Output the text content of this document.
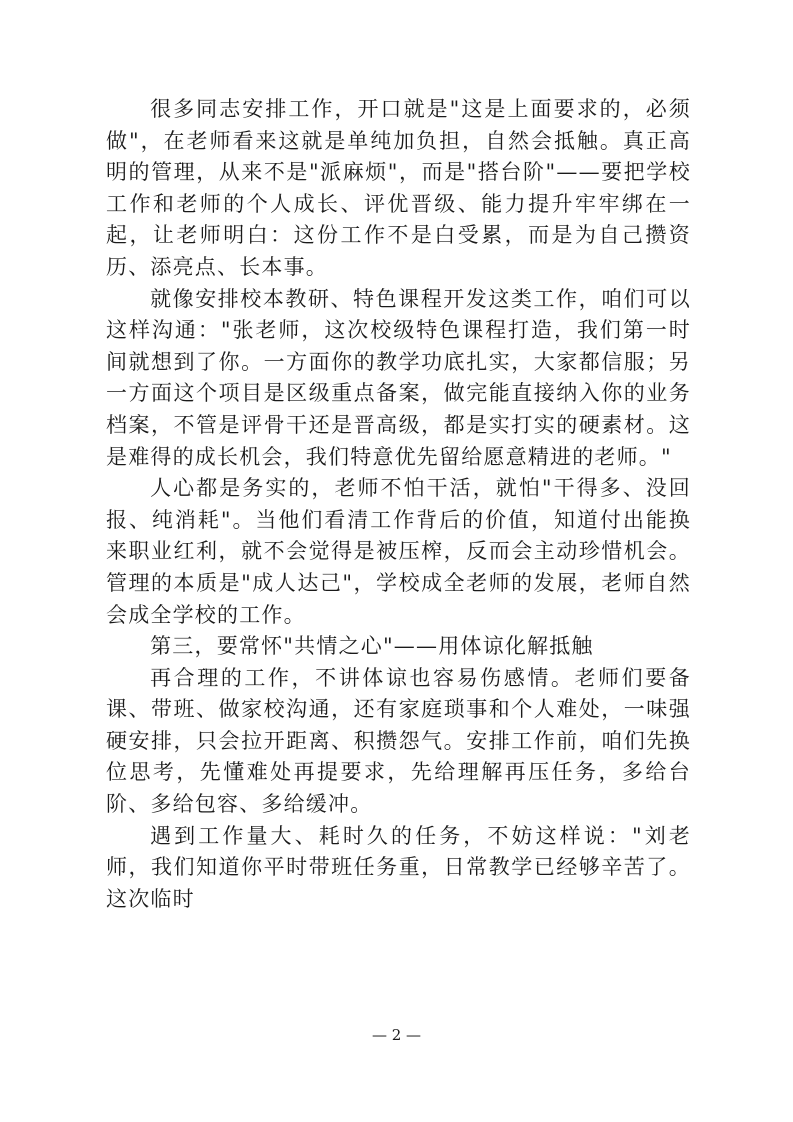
很多同志安排工作，开口就是"这是上面要求的，必须做"，在老师看来这就是单纯加负担，自然会抵触。真正高明的管理，从来不是"派麻烦"，而是"搭台阶"——要把学校工作和老师的个人成长、评优晋级、能力提升牢牢绑在一起，让老师明白：这份工作不是白受累，而是为自己攒资历、添亮点、长本事。

就像安排校本教研、特色课程开发这类工作，咱们可以这样沟通："张老师，这次校级特色课程打造，我们第一时间就想到了你。一方面你的教学功底扎实，大家都信服；另一方面这个项目是区级重点备案，做完能直接纳入你的业务档案，不管是评骨干还是晋高级，都是实打实的硬素材。这是难得的成长机会，我们特意优先留给愿意精进的老师。"

人心都是务实的，老师不怕干活，就怕"干得多、没回报、纯消耗"。当他们看清工作背后的价值，知道付出能换来职业红利，就不会觉得是被压榨，反而会主动珍惜机会。管理的本质是"成人达己"，学校成全老师的发展，老师自然会成全学校的工作。

第三，要常怀"共情之心"——用体谅化解抵触

再合理的工作，不讲体谅也容易伤感情。老师们要备课、带班、做家校沟通，还有家庭琐事和个人难处，一味强硬安排，只会拉开距离、积攒怨气。安排工作前，咱们先换位思考，先懂难处再提要求，先给理解再压任务，多给台阶、多给包容、多给缓冲。

遇到工作量大、耗时久的任务，不妨这样说："刘老师，我们知道你平时带班任务重，日常教学已经够辛苦了。这次临时

— 2 —
